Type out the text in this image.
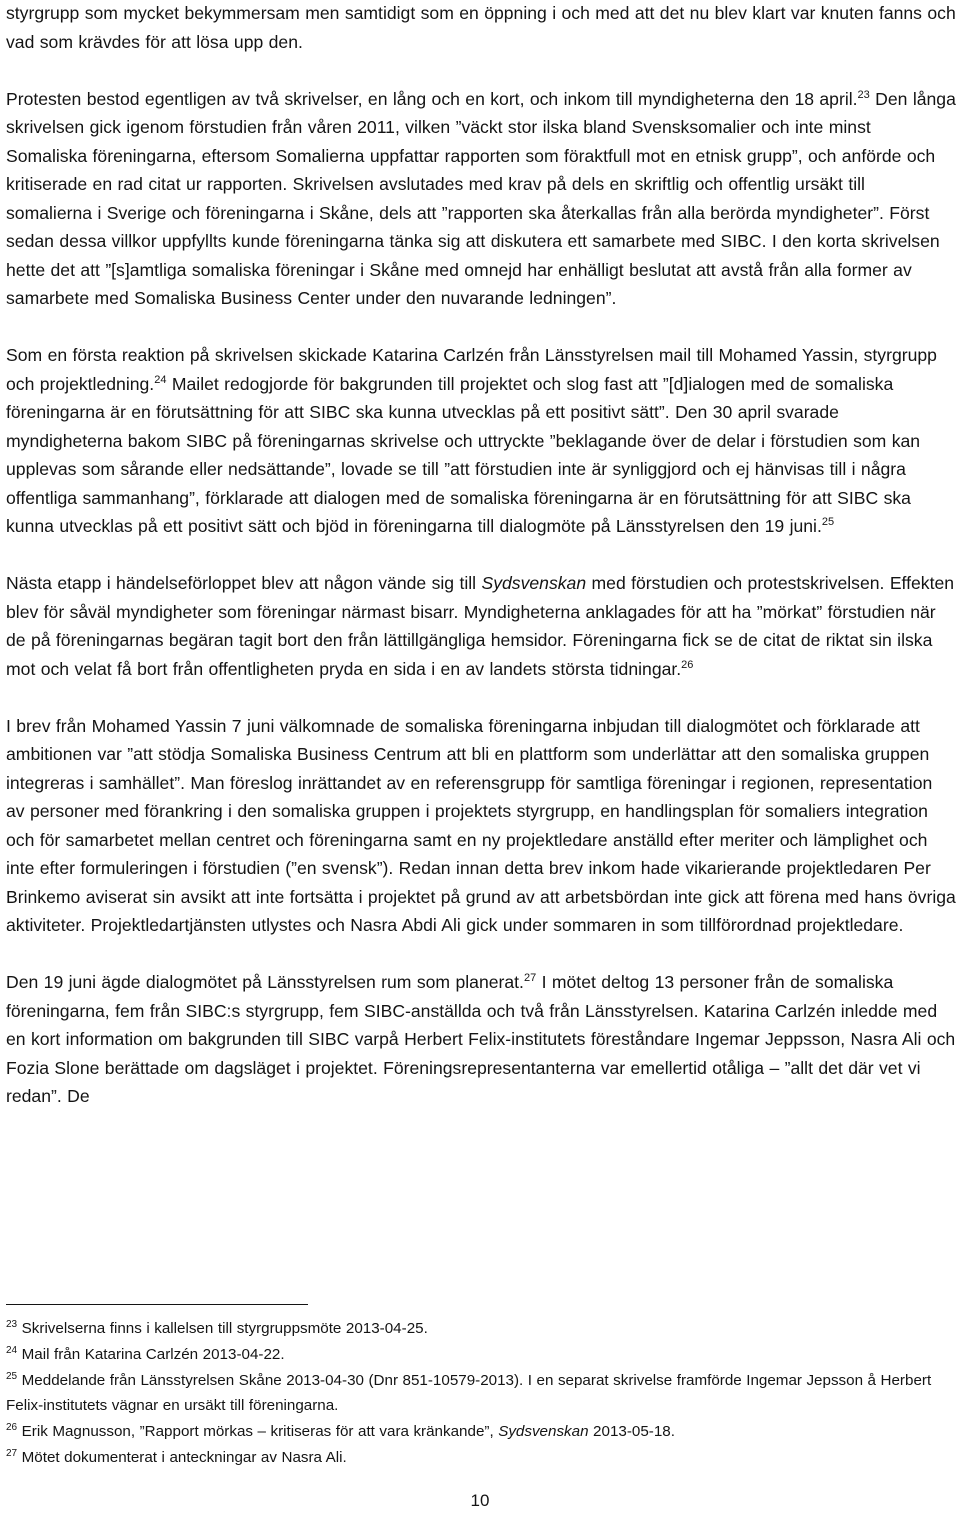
styrgrupp som mycket bekymmersam men samtidigt som en öppning i och med att det nu blev klart var knuten fanns och vad som krävdes för att lösa upp den.

Protesten bestod egentligen av två skrivelser, en lång och en kort, och inkom till myndigheterna den 18 april.$^{23}$ Den långa skrivelsen gick igenom förstudien från våren 2011, vilken ”väckt stor ilska bland Svensksomalier och inte minst Somaliska föreningarna, eftersom Somalierna uppfattar rapporten som föraktfull mot en etnisk grupp”, och anförde och kritiserade en rad citat ur rapporten. Skrivelsen avslutades med krav på dels en skriftlig och offentlig ursäkt till somalierna i Sverige och föreningarna i Skåne, dels att ”rapporten ska återkallas från alla berörda myndigheter”. Först sedan dessa villkor uppfyllts kunde föreningarna tänka sig att diskutera ett samarbete med SIBC. I den korta skrivelsen hette det att ”[s]amtliga somaliska föreningar i Skåne med omnejd har enhälligt beslutat att avstå från alla former av samarbete med Somaliska Business Center under den nuvarande ledningen”.

Som en första reaktion på skrivelsen skickade Katarina Carlzén från Länsstyrelsen mail till Mohamed Yassin, styrgrupp och projektledning.$^{24}$ Mailet redogjorde för bakgrunden till projektet och slog fast att ”[d]ialogen med de somaliska föreningarna är en förutsättning för att SIBC ska kunna utvecklas på ett positivt sätt”. Den 30 april svarade myndigheterna bakom SIBC på föreningarnas skrivelse och uttryckte ”beklagande över de delar i förstudien som kan upplevas som sårande eller nedsättande”, lovade se till ”att förstudien inte är synliggjord och ej hänvisas till i några offentliga sammanhang”, förklarade att dialogen med de somaliska föreningarna är en förutsättning för att SIBC ska kunna utvecklas på ett positivt sätt och bjöd in föreningarna till dialogmöte på Länsstyrelsen den 19 juni.$^{25}$

Nästa etapp i händelseförloppet blev att någon vände sig till Sydsvenskan med förstudien och protestskrivelsen. Effekten blev för såväl myndigheter som föreningar närmast bisarr. Myndigheterna anklagades för att ha ”mörkat” förstudien när de på föreningarnas begäran tagit bort den från lättillgängliga hemsidor. Föreningarna fick se de citat de riktat sin ilska mot och velat få bort från offentligheten pryda en sida i en av landets största tidningar.$^{26}$

I brev från Mohamed Yassin 7 juni välkomnade de somaliska föreningarna inbjudan till dialogmötet och förklarade att ambitionen var ”att stödja Somaliska Business Centrum att bli en plattform som underlättar att den somaliska gruppen integreras i samhället”. Man föreslog inrättandet av en referensgrupp för samtliga föreningar i regionen, representation av personer med förankring i den somaliska gruppen i projektets styrgrupp, en handlingsplan för somaliers integration och för samarbetet mellan centret och föreningarna samt en ny projektledare anställd efter meriter och lämplighet och inte efter formuleringen i förstudien (”en svensk”). Redan innan detta brev inkom hade vikarierande projektledaren Per Brinkemo aviserat sin avsikt att inte fortsätta i projektet på grund av att arbetsbördan inte gick att förena med hans övriga aktiviteter. Projektledartjänsten utlystes och Nasra Abdi Ali gick under sommaren in som tillförordnad projektledare.

Den 19 juni ägde dialogmötet på Länsstyrelsen rum som planerat.$^{27}$ I mötet deltog 13 personer från de somaliska föreningarna, fem från SIBC:s styrgrupp, fem SIBC-anställda och två från Länsstyrelsen. Katarina Carlzén inledde med en kort information om bakgrunden till SIBC varpå Herbert Felix-institutets föreståndare Ingemar Jeppsson, Nasra Ali och Fozia Slone berättade om dagsläget i projektet. Föreningsrepresentanterna var emellertid otåliga – ”allt det där vet vi redan”. De

$^{23}$ Skrivelserna finns i kallelsen till styrgruppsmöte 2013-04-25.

$^{24}$ Mail från Katarina Carlzén 2013-04-22.

$^{25}$ Meddelande från Länsstyrelsen Skåne 2013-04-30 (Dnr 851-10579-2013). I en separat skrivelse framförde Ingemar Jepsson å Herbert Felix-institutets vägnar en ursäkt till föreningarna.

$^{26}$ Erik Magnusson, ”Rapport mörkas – kritiseras för att vara kränkande”, Sydsvenskan 2013-05-18.

$^{27}$ Mötet dokumenterat i anteckningar av Nasra Ali.

10
